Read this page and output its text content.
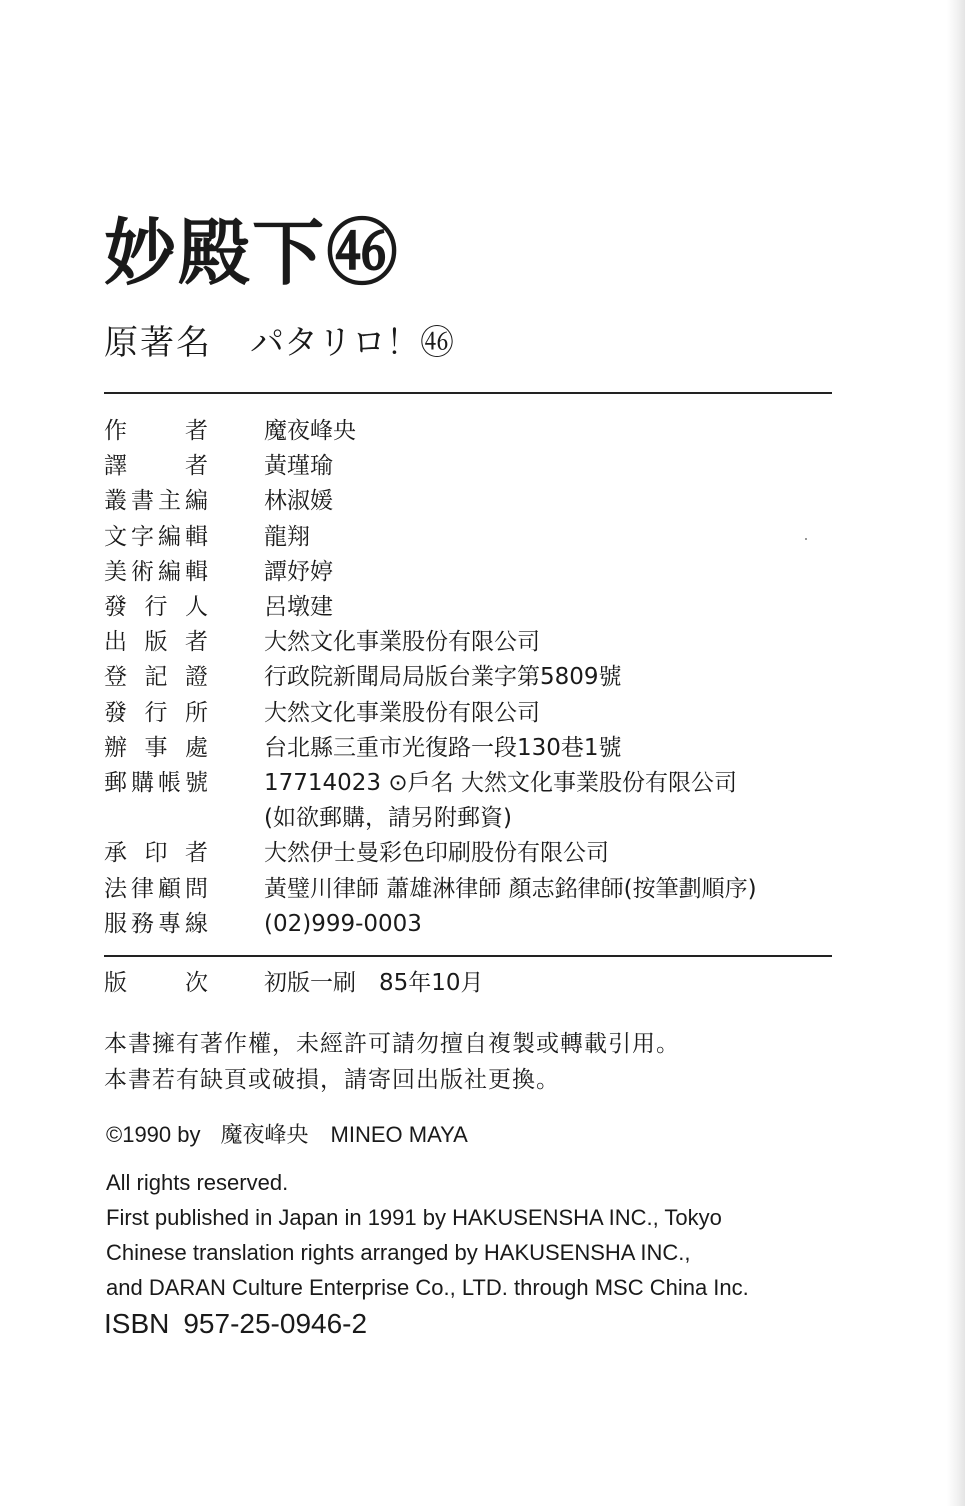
妙殿下㊻
原著名 パタリロ！㊻
作者 魔夜峰央
譯者 黃瑾瑜
叢書主編 林淑媛
文字編輯 龍翔
美術編輯 譚妤婷
發行人 呂墩建
出版者 大然文化事業股份有限公司
登記證 行政院新聞局局版台業字第5809號
發行所 大然文化事業股份有限公司
辦事處 台北縣三重市光復路一段130巷1號
郵購帳號 17714023 ⊙戶名 大然文化事業股份有限公司
(如欲郵購，請另附郵資)
承印者 大然伊士曼彩色印刷股份有限公司
法律顧問 黃璧川律師 蕭雄淋律師 顏志銘律師(按筆劃順序)
服務專線 (02)999-0003
版次 初版一刷　85年10月
本書擁有著作權，未經許可請勿擅自複製或轉載引用。
本書若有缺頁或破損，請寄回出版社更換。
©1990 by 魔夜峰央 MINEO MAYA
All rights reserved.
First published in Japan in 1991 by HAKUSENSHA INC., Tokyo
Chinese translation rights arranged by HAKUSENSHA INC.,
and DARAN Culture Enterprise Co., LTD. through MSC China Inc.
ISBN 957-25-0946-2
